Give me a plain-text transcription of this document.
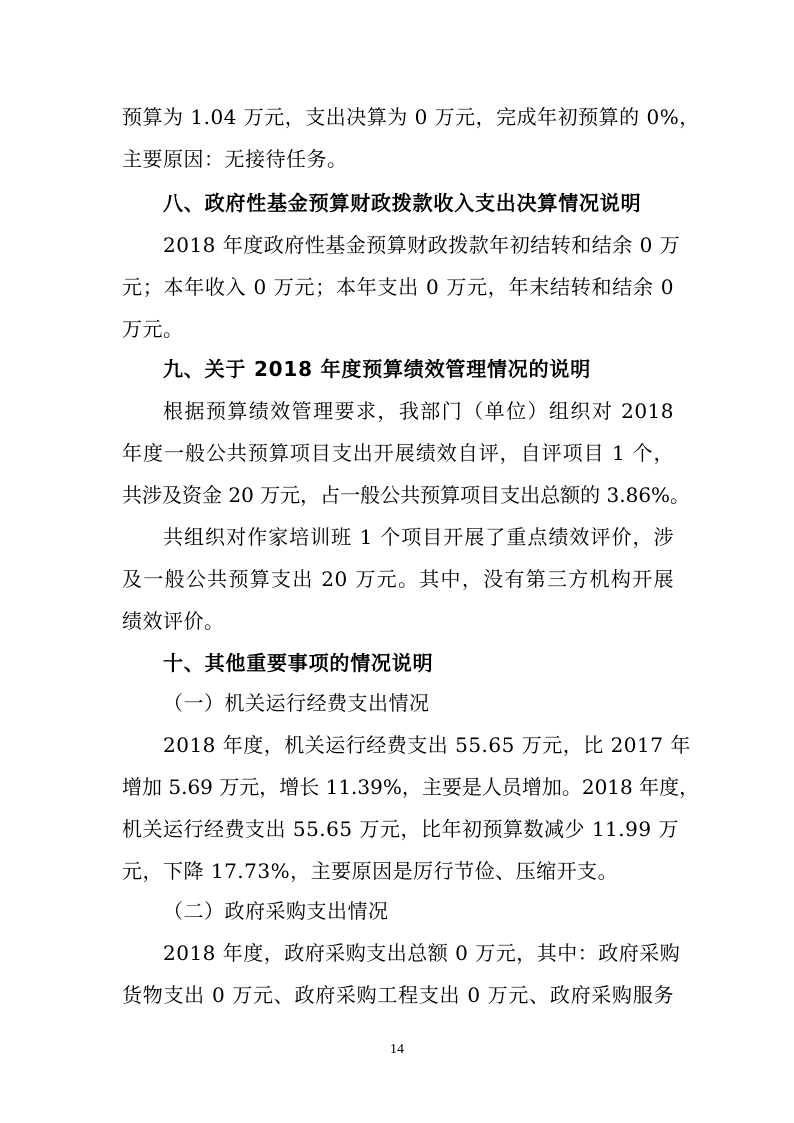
预算为 1.04 万元，支出决算为 0 万元，完成年初预算的 0%，
主要原因：无接待任务。
八、政府性基金预算财政拨款收入支出决算情况说明
2018 年度政府性基金预算财政拨款年初结转和结余 0 万
元；本年收入 0 万元；本年支出 0 万元，年末结转和结余 0
万元。
九、关于 2018 年度预算绩效管理情况的说明
根据预算绩效管理要求，我部门（单位）组织对 2018
年度一般公共预算项目支出开展绩效自评，自评项目 1 个，
共涉及资金 20 万元，占一般公共预算项目支出总额的 3.86%。
共组织对作家培训班 1 个项目开展了重点绩效评价，涉
及一般公共预算支出 20 万元。其中，没有第三方机构开展
绩效评价。
十、其他重要事项的情况说明
（一）机关运行经费支出情况
2018 年度，机关运行经费支出 55.65 万元，比 2017 年
增加 5.69 万元，增长 11.39%，主要是人员增加。2018 年度，
机关运行经费支出 55.65 万元，比年初预算数减少 11.99 万
元，下降 17.73%，主要原因是厉行节俭、压缩开支。
（二）政府采购支出情况
2018 年度，政府采购支出总额 0 万元，其中：政府采购
货物支出 0 万元、政府采购工程支出 0 万元、政府采购服务
14
